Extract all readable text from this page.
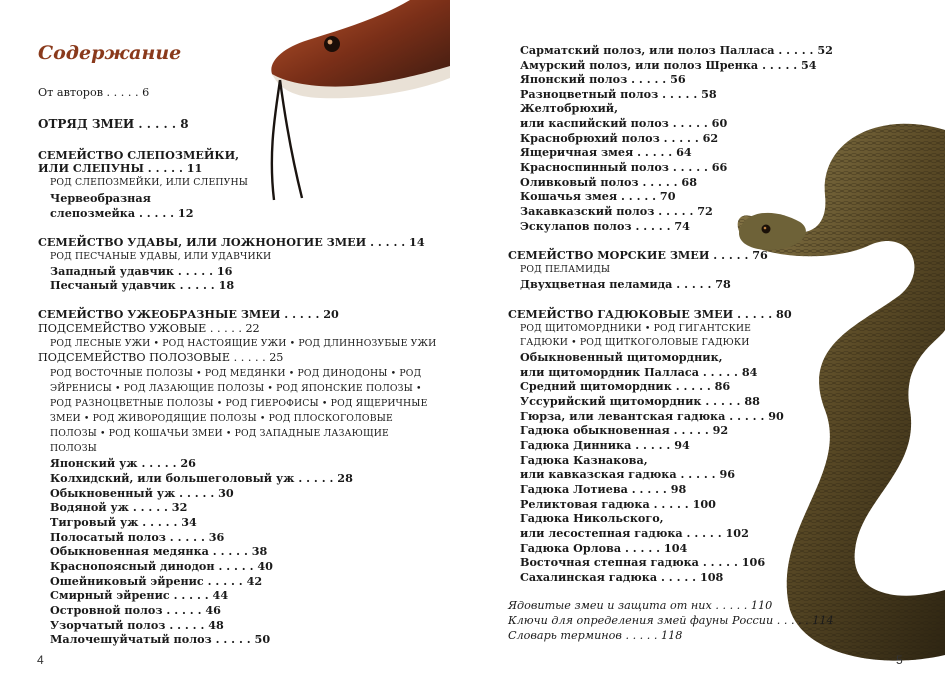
Содержание
От авторов . . . . . 6
ОТРЯД ЗМЕИ . . . . . 8
СЕМЕЙСТВО СЛЕПОЗМЕЙКИ,
ИЛИ СЛЕПУНЫ . . . . . 11
РОД СЛЕПОЗМЕЙКИ, ИЛИ СЛЕПУНЫ
Червеобразная
слепозмейка . . . . . 12
СЕМЕЙСТВО УДАВЫ, ИЛИ ЛОЖНОНОГИЕ ЗМЕИ . . . . . 14
РОД ПЕСЧАНЫЕ УДАВЫ, ИЛИ УДАВЧИКИ
Западный удавчик . . . . . 16
Песчаный удавчик . . . . . 18
СЕМЕЙСТВО УЖЕОБРАЗНЫЕ ЗМЕИ . . . . . 20
ПОДСЕМЕЙСТВО УЖОВЫЕ . . . . . 22
РОД ЛЕСНЫЕ УЖИ • РОД НАСТОЯЩИЕ УЖИ • РОД ДЛИННОЗУБЫЕ УЖИ
ПОДСЕМЕЙСТВО ПОЛОЗОВЫЕ . . . . . 25
РОД ВОСТОЧНЫЕ ПОЛОЗЫ • РОД МЕДЯНКИ • РОД ДИНОДОНЫ • РОД
ЭЙРЕНИСЫ • РОД ЛАЗАЮЩИЕ ПОЛОЗЫ • РОД ЯПОНСКИЕ ПОЛОЗЫ •
РОД РАЗНОЦВЕТНЫЕ ПОЛОЗЫ • РОД ГИЕРОФИСЫ • РОД ЯЩЕРИЧНЫЕ
ЗМЕИ • РОД ЖИВОРОДЯЩИЕ ПОЛОЗЫ • РОД ПЛОСКОГОЛОВЫЕ
ПОЛОЗЫ • РОД КОШАЧЬИ ЗМЕИ • РОД ЗАПАДНЫЕ ЛАЗАЮЩИЕ
ПОЛОЗЫ
Японский уж . . . . . 26
Колхидский, или большеголовый уж . . . . . 28
Обыкновенный уж . . . . . 30
Водяной уж . . . . . 32
Тигровый уж . . . . . 34
Полосатый полоз . . . . . 36
Обыкновенная медянка . . . . . 38
Краснопоясный динодон . . . . . 40
Ошейниковый эйренис . . . . . 42
Смирный эйренис . . . . . 44
Островной полоз . . . . . 46
Узорчатый полоз . . . . . 48
Малочешуйчатый полоз . . . . . 50
4
Сарматский полоз, или полоз Палласа . . . . . 52
Амурский полоз, или полоз Шренка . . . . . 54
Японский полоз . . . . . 56
Разноцветный полоз . . . . . 58
Желтобрюхий,
или каспийский полоз . . . . . 60
Краснобрюхий полоз . . . . . 62
Ящеричная змея . . . . . 64
Красноспинный полоз . . . . . 66
Оливковый полоз . . . . . 68
Кошачья змея . . . . . 70
Закавказский полоз . . . . . 72
Эскулапов полоз . . . . . 74
СЕМЕЙСТВО МОРСКИЕ ЗМЕИ . . . . . 76
РОД ПЕЛАМИДЫ
Двухцветная пеламида . . . . . 78
СЕМЕЙСТВО ГАДЮКОВЫЕ ЗМЕИ . . . . . 80
РОД ЩИТОМОРДНИКИ • РОД ГИГАНТСКИЕ
ГАДЮКИ • РОД ЩИТКОГОЛОВЫЕ ГАДЮКИ
Обыкновенный щитомордник,
или щитомордник Палласа . . . . . 84
Средний щитомордник . . . . . 86
Уссурийский щитомордник . . . . . 88
Гюрза, или левантская гадюка . . . . . 90
Гадюка обыкновенная . . . . . 92
Гадюка Динника . . . . . 94
Гадюка Казнакова,
или кавказская гадюка . . . . . 96
Гадюка Лотиева . . . . . 98
Реликтовая гадюка . . . . . 100
Гадюка Никольского,
или лесостепная гадюка . . . . . 102
Гадюка Орлова . . . . . 104
Восточная степная гадюка . . . . . 106
Сахалинская гадюка . . . . . 108
Ядовитые змеи и защита от них . . . . . 110
Ключи для определения змей фауны России . . . . . 114
Словарь терминов . . . . . 118
5
